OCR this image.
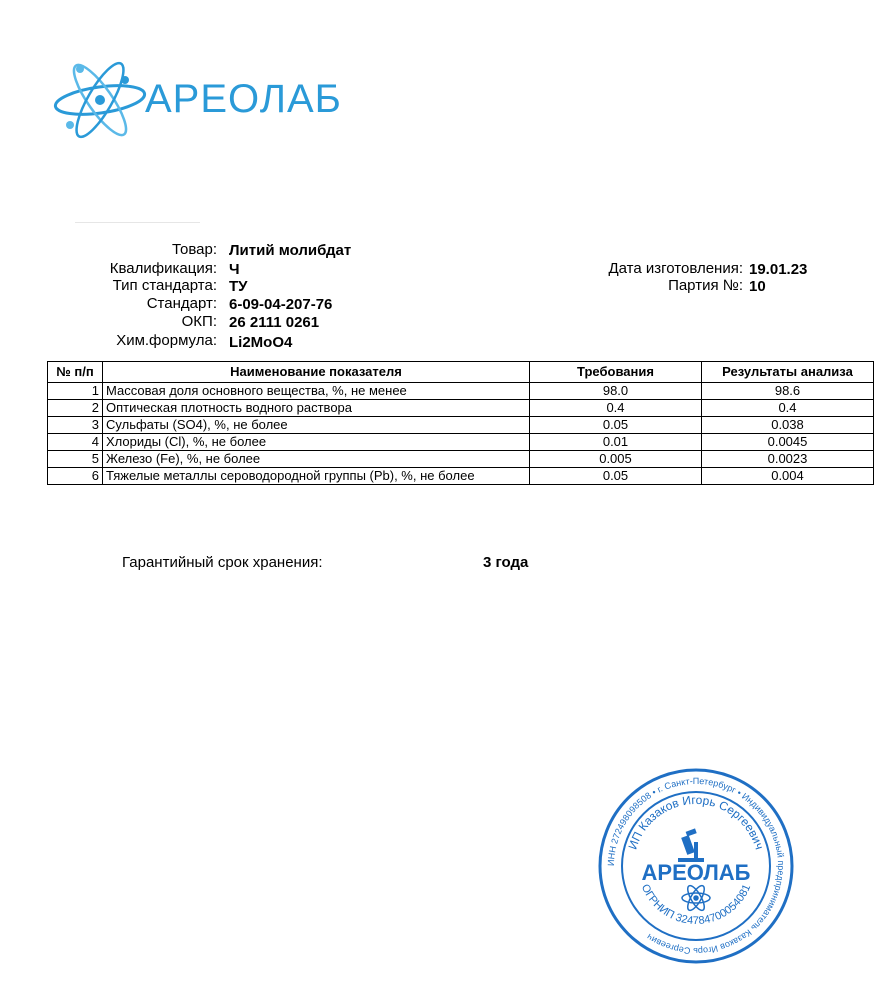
АРЕОЛАБ
Товар: Литий молибдат
Квалификация: Ч
Тип стандарта: ТУ
Стандарт: 6-09-04-207-76
ОКП: 26 2111 0261
Хим.формула: Li2MoO4
Дата изготовления: 19.01.23
Партия №: 10
№ п/п	Наименование показателя	Требования	Результаты анализа
1	Массовая доля основного вещества, %, не менее	98.0	98.6
2	Оптическая плотность водного раствора	0.4	0.4
3	Сульфаты (SO4), %, не более	0.05	0.038
4	Хлориды (Cl), %, не более	0.01	0.0045
5	Железо (Fe), %, не более	0.005	0.0023
6	Тяжелые металлы сероводородной группы (Pb), %, не более	0.05	0.004
Гарантийный срок хранения:	3 года
ИНН 272498098508 • г. Санкт-Петербург • Индивидуальный предприниматель Казаков Игорь Сергеевич
ИП Казаков Игорь Сергеевич
ОГРНИП 324784700054081
АРЕОЛАБ
